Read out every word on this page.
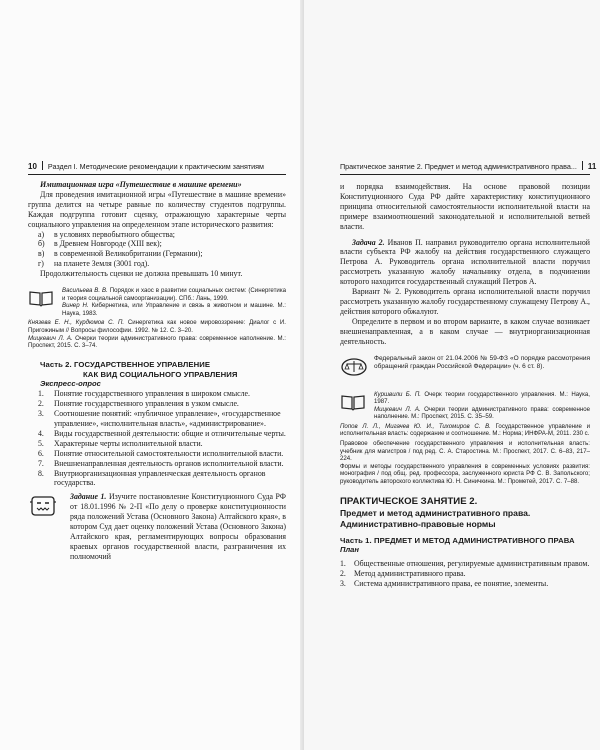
10 Раздел I. Методические рекомендации к практическим занятиям
Имитационная игра «Путешествие в машине времени»

Для проведения имитационной игры «Путешествие в машине времени» группа делится на четыре равные по количеству студентов подгруппы. Каждая подгруппа готовит сценку, отражающую характерные черты социального управления на определенном этапе исторического развития:

а) в условиях первобытного общества;
б) в Древнем Новгороде (XIII век);
в) в современной Великобритании (Германии);
г) на планете Земля (3001 год).

Продолжительность сценки не должна превышать 10 минут.

Васильева В. В. Порядок и хаос в развитии социальных систем: (Синергетика и теория социальной самоорганизации). СПб.: Лань, 1999.

Винер Н. Кибернетика, или Управление и связь в животном и машине. М.: Наука, 1983.

Князева Е. Н., Курдюмов С. П. Синергетика как новое мировоззрение: Диалог с И. Пригожиным // Вопросы философии. 1992. № 12. С. 3–20.

Мицкевич Л. А. Очерки теории административного права: современное наполнение. М.: Проспект, 2015. С. 3–74.

Часть 2. ГОСУДАРСТВЕННОЕ УПРАВЛЕНИЕ
КАК ВИД СОЦИАЛЬНОГО УПРАВЛЕНИЯ
Экспресс-опрос
1. Понятие государственного управления в широком смысле.
2. Понятие государственного управления в узком смысле.
3. Соотношение понятий: «публичное управление», «государственное управление», «исполнительная власть», «администрирование».
4. Виды государственной деятельности: общие и отличительные черты.
5. Характерные черты исполнительной власти.
6. Понятие относительной самостоятельности исполнительной власти.
7. Внешненаправленная деятельность органов исполнительной власти.
8. Внутриорганизационная управленческая деятельность органов государства.

Задание 1. Изучите постановление Конституционного Суда РФ от 18.01.1996 № 2-П «По делу о проверке конституционности ряда положений Устава (Основного Закона) Алтайского края», в котором Суд дает оценку положений Устава (Основного Закона) Алтайского края, регламентирующих вопросы образования краевых органов государственной власти, разграничения их полномочий

Практическое занятие 2. Предмет и метод административного права... 11

и порядка взаимодействия. На основе правовой позиции Конституционного Суда РФ дайте характеристику конституционного принципа относительной самостоятельности исполнительной власти на примере взаимоотношений законодательной и исполнительной ветвей власти.

Задача 2. Иванов П. направил руководителю органа исполнительной власти субъекта РФ жалобу на действия государственного служащего Петрова А. Руководитель органа исполнительной власти поручил рассмотреть указанную жалобу начальнику отдела, в подчинении которого находится государственный служащий Петров А.

Вариант № 2. Руководитель органа исполнительной власти поручил рассмотреть указанную жалобу государственному служащему Петрову А., действия которого обжалуют.

Определите в первом и во втором варианте, в каком случае возникает внешненаправленная, а в каком случае — внутриорганизационная деятельность.

Федеральный закон от 21.04.2006 № 59-ФЗ «О порядке рассмотрения обращений граждан Российской Федерации» (ч. 6 ст. 8).

Куршвили Б. П. Очерк теории государственного управления. М.: Наука, 1987.

Мицкевич Л. А. Очерки теории административного права: современное наполнение. М.: Проспект, 2015. С. 35–59.

Попов Л. Л., Мигачев Ю. И., Тихомиров С. В. Государственное управление и исполнительная власть: содержание и соотношение. М.: Норма; ИНФРА-М, 2011. 230 с.

Правовое обеспечение государственного управления и исполнительная власть: учебник для магистров / под ред. С. А. Старостина. М.: Проспект, 2017. С. 6–83, 217–224.

Формы и методы государственного управления в современных условиях развития: монография / под общ. ред. профессора, заслуженного юриста РФ С. В. Запольского; руководитель авторского коллектива Ю. Н. Синичкина. М.: Прометей, 2017. С. 7–88.

ПРАКТИЧЕСКОЕ ЗАНЯТИЕ 2.
Предмет и метод административного права.
Административно-правовые нормы
Часть 1. ПРЕДМЕТ И МЕТОД АДМИНИСТРАТИВНОГО ПРАВА
План
1. Общественные отношения, регулируемые административным правом.
2. Метод административного права.
3. Система административного права, ее понятие, элементы.
